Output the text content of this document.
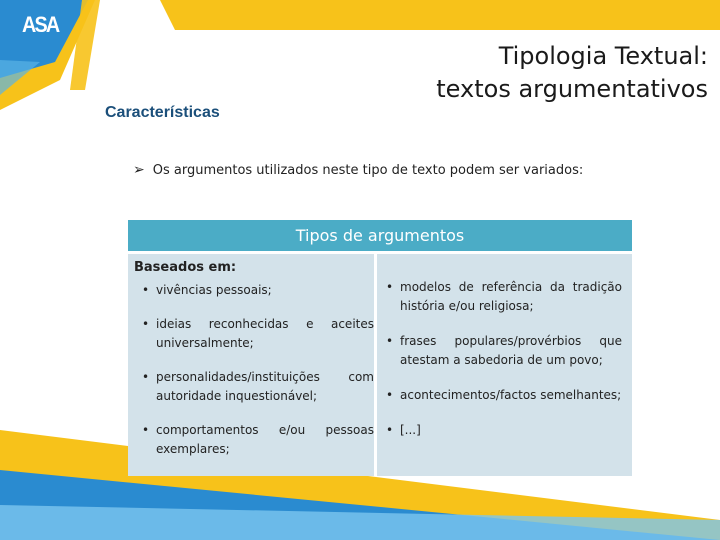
ASA
Tipologia Textual:
textos argumentativos
Características
➢ Os argumentos utilizados neste tipo de texto podem ser variados:
Tipos de argumentos
Baseados em:
• vivências pessoais;
• ideias reconhecidas e aceites universalmente;
• personalidades/instituições com autoridade inquestionável;
• comportamentos e/ou pessoas exemplares;
• modelos de referência da tradição história e/ou religiosa;
• frases populares/provérbios que atestam a sabedoria de um povo;
• acontecimentos/factos semelhantes;
• [...]
